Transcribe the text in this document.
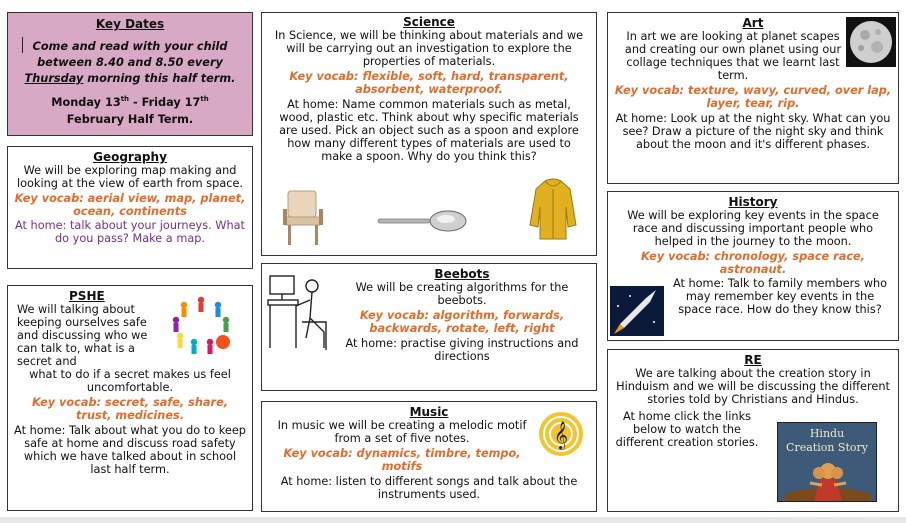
Key Dates
Come and read with your child between 8.40 and 8.50 every Thursday morning this half term.
Monday 13th - Friday 17th
February Half Term.
Geography
We will be exploring map making and looking at the view of earth from space.
Key vocab: aerial view, map, planet, ocean, continents
At home: talk about your journeys. What do you pass? Make a map.
PSHE
We will talking about keeping ourselves safe and discussing who we can talk to, what is a secret and
what to do if a secret makes us feel uncomfortable.
Key vocab: secret, safe, share, trust, medicines.
At home: Talk about what you do to keep safe at home and discuss road safety which we have talked about in school last half term.
Science
In Science, we will be thinking about materials and we will be carrying out an investigation to explore the properties of materials.
Key vocab: flexible, soft, hard, transparent, absorbent, waterproof.
At home: Name common materials such as metal, wood, plastic etc. Think about why specific materials are used. Pick an object such as a spoon and explore how many different types of materials are used to make a spoon. Why do you think this?
Beebots
We will be creating algorithms for the beebots.
Key vocab: algorithm, forwards, backwards, rotate, left, right
At home: practise giving instructions and directions
𝄞
Music
In music we will be creating a melodic motif from a set of five notes.
Key vocab: dynamics, timbre, tempo, motifs
At home: listen to different songs and talk about the instruments used.
Art
In art we are looking at planet scapes and creating our own planet using our collage techniques that we learnt last term.
Key vocab: texture, wavy, curved, over lap, layer, tear, rip.
At home: Look up at the night sky. What can you see? Draw a picture of the night sky and think about the moon and it's different phases.
History
We will be exploring key events in the space race and discussing important people who helped in the journey to the moon.
Key vocab: chronology, space race, astronaut.
At home: Talk to family members who may remember key events in the space race. How do they know this?
RE
We are talking about the creation story in Hinduism and we will be discussing the different stories told by Christians and Hindus.
At home click the links below to watch the different creation stories.
Hindu Creation Story
